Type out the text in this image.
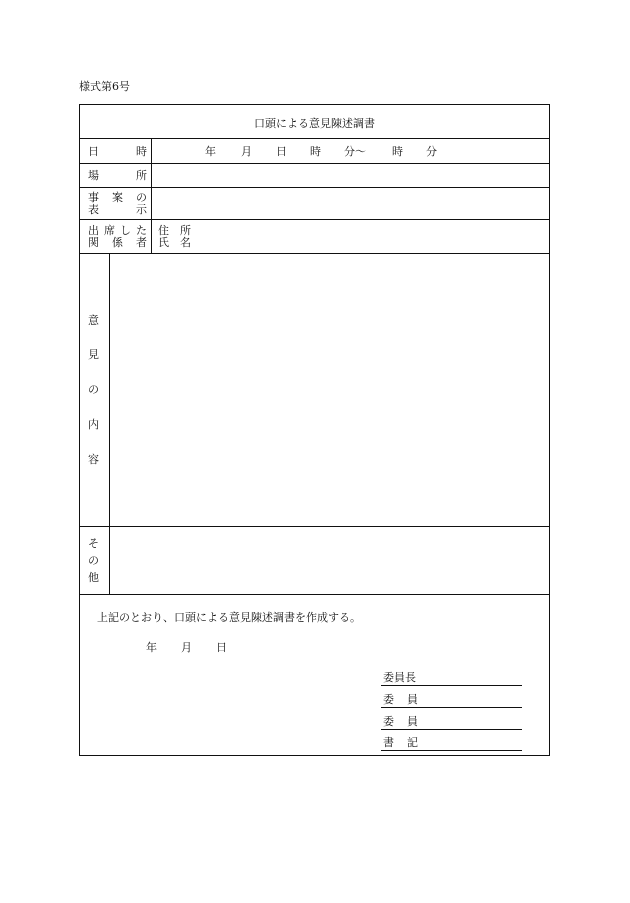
様式第6号
口頭による意見陳述調書
日	時	年 月 日 時 分〜 時 分
場	所
事 案 の
表	示
出 席 し た
関 係 者
住 所
氏 名
意
見
の
内
容
そ
の
他
上記のとおり、口頭による意見陳述調書を作成する。
年 月 日
委員長
委 員
委 員
書 記
